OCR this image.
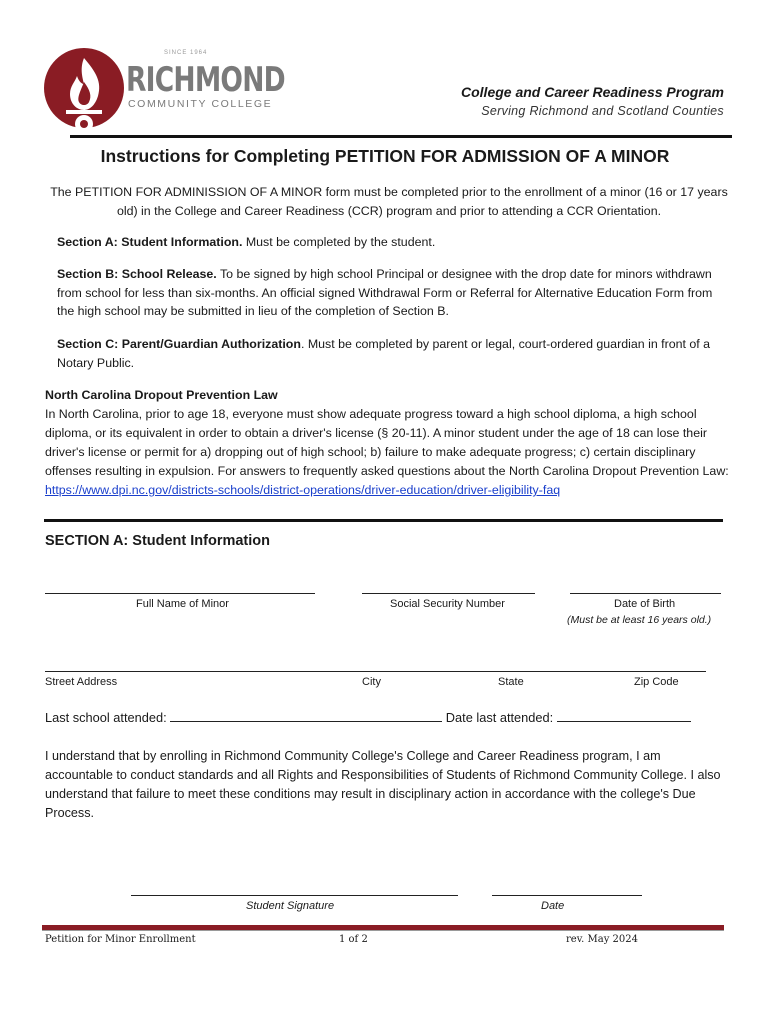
SINCE 1964
RICHMOND
COMMUNITY COLLEGE
College and Career Readiness Program
Serving Richmond and Scotland Counties
Instructions for Completing PETITION FOR ADMISSION OF A MINOR
The PETITION FOR ADMINISSION OF A MINOR form must be completed prior to the enrollment of a minor (16 or 17 years old) in the College and Career Readiness (CCR) program and prior to attending a CCR Orientation.
Section A: Student Information. Must be completed by the student.
Section B: School Release. To be signed by high school Principal or designee with the drop date for minors withdrawn from school for less than six-months. An official signed Withdrawal Form or Referral for Alternative Education Form from the high school may be submitted in lieu of the completion of Section B.
Section C: Parent/Guardian Authorization. Must be completed by parent or legal, court-ordered guardian in front of a Notary Public.
North Carolina Dropout Prevention Law
In North Carolina, prior to age 18, everyone must show adequate progress toward a high school diploma, a high school diploma, or its equivalent in order to obtain a driver's license (§ 20-11). A minor student under the age of 18 can lose their driver's license or permit for a) dropping out of high school; b) failure to make adequate progress; c) certain disciplinary offenses resulting in expulsion. For answers to frequently asked questions about the North Carolina Dropout Prevention Law:
https://www.dpi.nc.gov/districts-schools/district-operations/driver-education/driver-eligibility-faq
SECTION A: Student Information
Full Name of Minor	Social Security Number	Date of Birth
(Must be at least 16 years old.)
Street Address	City	State	Zip Code
Last school attended:	Date last attended:
I understand that by enrolling in Richmond Community College's College and Career Readiness program, I am accountable to conduct standards and all Rights and Responsibilities of Students of Richmond Community College. I also understand that failure to meet these conditions may result in disciplinary action in accordance with the college's Due Process.
Student Signature	Date
Petition for Minor Enrollment	1 of 2	rev. May 2024
